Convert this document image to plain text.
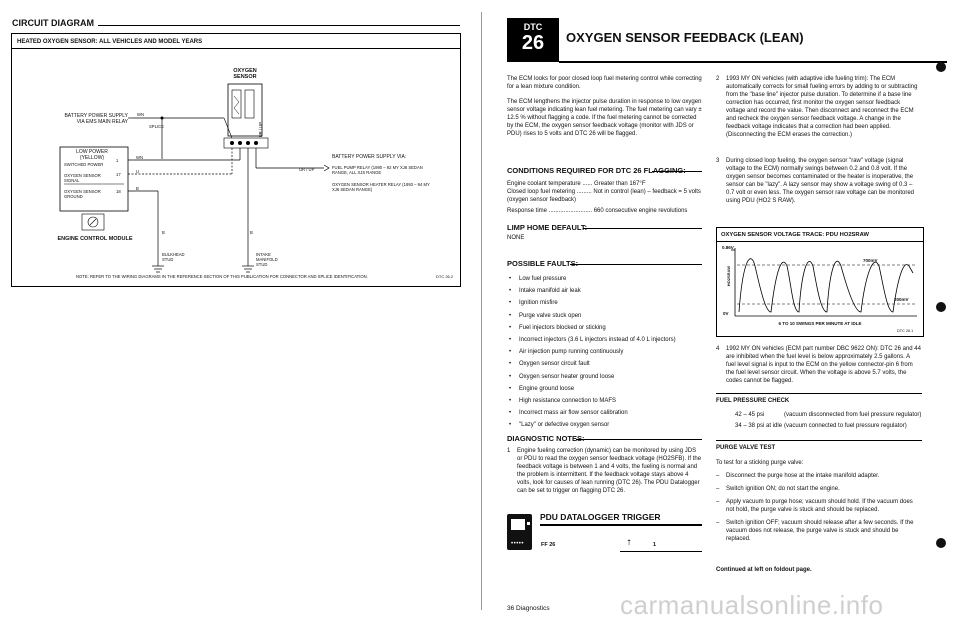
CIRCUIT DIAGRAM
HEATED OXYGEN SENSOR: ALL VEHICLES AND MODEL YEARS
OXYGEN SENSOR
BATTERY POWER SUPPLY VIA EMS MAIN RELAY
WN
SPLICE
LOW POWER (YELLOW)
SWITCHED POWER
OXYGEN SENSOR SIGNAL
OXYGEN SENSOR GROUND
1
17
18
WN
U
B
ENGINE CONTROL MODULE
BATTERY POWER SUPPLY VIA:
FUEL PUMP RELAY (1990 – 92 MY XJ6 SEDAN RANGE, ALL XJS RANGE
OXYGEN SENSOR HEATER RELAY (1993 – 94 MY XJ6 SEDAN RANGE)
UR / UP
UR / UP
B	B
BULKHEAD STUD
INTAKE MANIFOLD STUD
NOTE: REFER TO THE WIRING DIAGRAMS IN THE REFERENCE SECTION OF THIS PUBLICATION FOR CONNECTOR AND SPLICE IDENTIFICATION.	DTC 26.2
DTC
26	OXYGEN SENSOR FEEDBACK (LEAN)

The ECM looks for poor closed loop fuel metering control while correcting for a lean mixture condition.

The ECM lengthens the injector pulse duration in response to low oxygen sensor voltage indicating lean fuel metering. The fuel metering can vary ± 12.5 % without flagging a code. If the fuel metering cannot be corrected by the ECM, the oxygen sensor feedback voltage (monitor with JDS or PDU) rises to 5 volts and DTC 26 will be flagged.

CONDITIONS REQUIRED FOR DTC 26 FLAGGING:
Engine coolant temperature ...... Greater than 167°F
Closed loop fuel metering ......... Not in control (lean) – feedback = 5 volts (oxygen sensor feedback)
Response time .......................... 660 consecutive engine revolutions
LIMP HOME DEFAULT:
NONE
POSSIBLE FAULTS:
• Low fuel pressure
• Intake manifold air leak
• Ignition misfire
• Purge valve stuck open
• Fuel injectors blocked or sticking
• Incorrect injectors (3.6 L injectors instead of 4.0 L injectors)
• Air injection pump running continuously
• Oxygen sensor circuit fault
• Oxygen sensor heater ground loose
• Engine ground loose
• High resistance connection to MAFS
• Incorrect mass air flow sensor calibration
• "Lazy" or defective oxygen sensor
DIAGNOSTIC NOTES:
1	Engine fueling correction (dynamic) can be monitored by using JDS or PDU to read the oxygen sensor feedback voltage (HO2SFB). If the feedback voltage is between 1 and 4 volts, the fueling is normal and the problem is intermittent. If the feedback voltage stays above 4 volts, look for causes of lean running (DTC 26). The PDU Datalogger can be set to trigger on flagging DTC 26.
•••••
PDU DATALOGGER TRIGGER
FF 26	⭡	1
36 Diagnostics
2	1993 MY ON vehicles (with adaptive idle fueling trim): The ECM automatically corrects for small fueling errors by adding to or subtracting from the "base line" injector pulse duration. To determine if a base line correction has occurred, first monitor the oxygen sensor feedback voltage and record the value. Then disconnect and reconnect the ECM and recheck the oxygen sensor feedback voltage. A change in the feedback voltage indicates that a correction had been applied. (Disconnecting the ECM erases the correction.)
3	During closed loop fueling, the oxygen sensor "raw" voltage (signal voltage to the ECM) normally swings between 0.2 and 0.8 volt. If the oxygen sensor becomes contaminated or the heater is inoperative, the sensor can be "lazy". A lazy sensor may show a voltage swing of 0.3 – 0.7 volt or even less. The oxygen sensor raw voltage can be monitored using PDU (HO2 S RAW).
OXYGEN SENSOR VOLTAGE TRACE: PDU HO2SRAW
0.86V
0V
HO2SRAW
700mV
200mV
6 TO 10 SWINGS PER MINUTE AT IDLE
DTC 26.1
4	1992 MY ON vehicles (ECM part number DBC 9622 ON): DTC 26 and 44 are inhibited when the fuel level is below approximately 2.5 gallons. A fuel level signal is input to the ECM on the yellow connector-pin 6 from the fuel level sensor circuit. When the voltage is above 5.7 volts, the codes cannot be flagged.
FUEL PRESSURE CHECK
42 – 45 psi	(vacuum disconnected from fuel pressure regulator)
34 – 38 psi at idle (vacuum connected to fuel pressure regulator)
PURGE VALVE TEST
To test for a sticking purge valve:
– Disconnect the purge hose at the intake manifold adapter.
– Switch ignition ON; do not start the engine.
– Apply vacuum to purge hose; vacuum should hold. If the vacuum does not hold, the purge valve is stuck and should be replaced.
– Switch ignition OFF; vacuum should release after a few seconds. If the vacuum does not release, the purge valve is stuck and should be replaced.
Continued at left on foldout page.
carmanualsonline.info
